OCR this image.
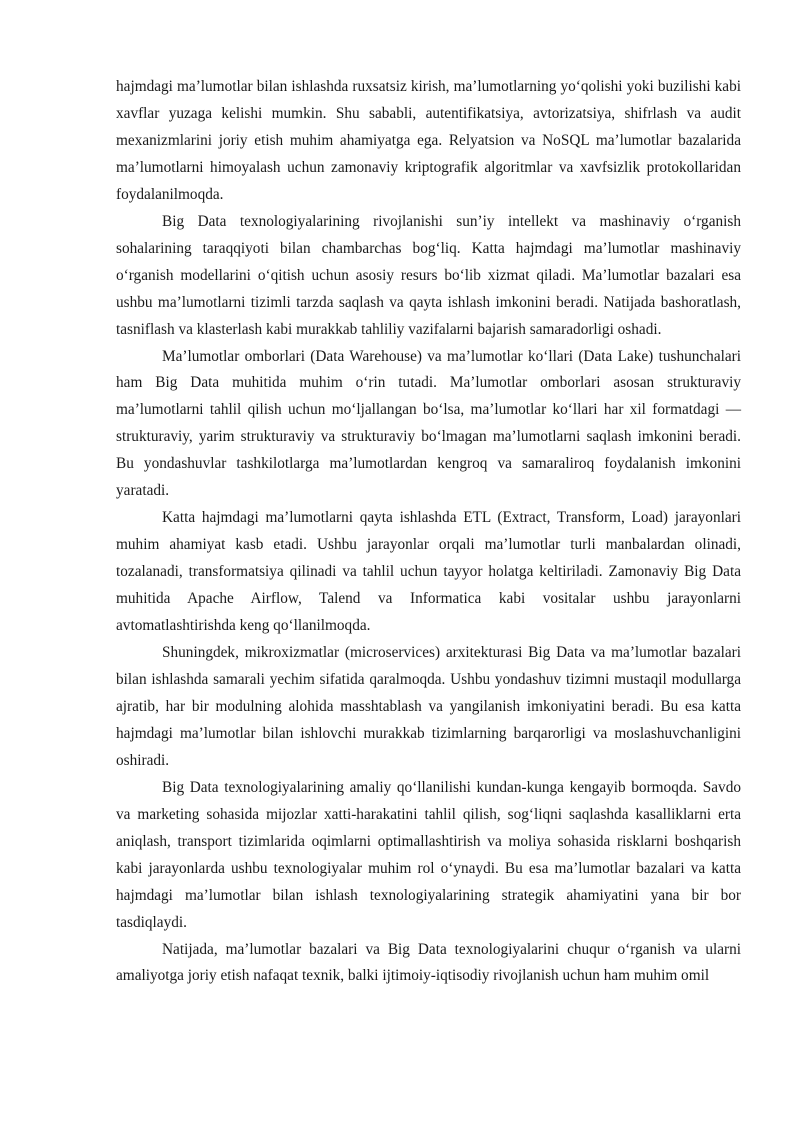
hajmdagi ma’lumotlar bilan ishlashda ruxsatsiz kirish, ma’lumotlarning yo‘qolishi yoki buzilishi kabi xavflar yuzaga kelishi mumkin. Shu sababli, autentifikatsiya, avtorizatsiya, shifrlash va audit mexanizmlarini joriy etish muhim ahamiyatga ega. Relyatsion va NoSQL ma’lumotlar bazalarida ma’lumotlarni himoyalash uchun zamonaviy kriptografik algoritmlar va xavfsizlik protokollaridan foydalanilmoqda.

Big Data texnologiyalarining rivojlanishi sun’iy intellekt va mashinaviy o‘rganish sohalarining taraqqiyoti bilan chambarchas bog‘liq. Katta hajmdagi ma’lumotlar mashinaviy o‘rganish modellarini o‘qitish uchun asosiy resurs bo‘lib xizmat qiladi. Ma’lumotlar bazalari esa ushbu ma’lumotlarni tizimli tarzda saqlash va qayta ishlash imkonini beradi. Natijada bashoratlash, tasniflash va klasterlash kabi murakkab tahliliy vazifalarni bajarish samaradorligi oshadi.

Ma’lumotlar omborlari (Data Warehouse) va ma’lumotlar ko‘llari (Data Lake) tushunchalari ham Big Data muhitida muhim o‘rin tutadi. Ma’lumotlar omborlari asosan strukturaviy ma’lumotlarni tahlil qilish uchun mo‘ljallangan bo‘lsa, ma’lumotlar ko‘llari har xil formatdagi — strukturaviy, yarim strukturaviy va strukturaviy bo‘lmagan ma’lumotlarni saqlash imkonini beradi. Bu yondashuvlar tashkilotlarga ma’lumotlardan kengroq va samaraliroq foydalanish imkonini yaratadi.

Katta hajmdagi ma’lumotlarni qayta ishlashda ETL (Extract, Transform, Load) jarayonlari muhim ahamiyat kasb etadi. Ushbu jarayonlar orqali ma’lumotlar turli manbalardan olinadi, tozalanadi, transformatsiya qilinadi va tahlil uchun tayyor holatga keltiriladi. Zamonaviy Big Data muhitida Apache Airflow, Talend va Informatica kabi vositalar ushbu jarayonlarni avtomatlashtirishda keng qo‘llanilmoqda.

Shuningdek, mikroxizmatlar (microservices) arxitekturasi Big Data va ma’lumotlar bazalari bilan ishlashda samarali yechim sifatida qaralmoqda. Ushbu yondashuv tizimni mustaqil modullarga ajratib, har bir modulning alohida masshtablash va yangilanish imkoniyatini beradi. Bu esa katta hajmdagi ma’lumotlar bilan ishlovchi murakkab tizimlarning barqarorligi va moslashuvchanligini oshiradi.

Big Data texnologiyalarining amaliy qo‘llanilishi kundan-kunga kengayib bormoqda. Savdo va marketing sohasida mijozlar xatti-harakatini tahlil qilish, sog‘liqni saqlashda kasalliklarni erta aniqlash, transport tizimlarida oqimlarni optimallashtirish va moliya sohasida risklarni boshqarish kabi jarayonlarda ushbu texnologiyalar muhim rol o‘ynaydi. Bu esa ma’lumotlar bazalari va katta hajmdagi ma’lumotlar bilan ishlash texnologiyalarining strategik ahamiyatini yana bir bor tasdiqlaydi.

Natijada, ma’lumotlar bazalari va Big Data texnologiyalarini chuqur o‘rganish va ularni amaliyotga joriy etish nafaqat texnik, balki ijtimoiy-iqtisodiy rivojlanish uchun ham muhim omil
